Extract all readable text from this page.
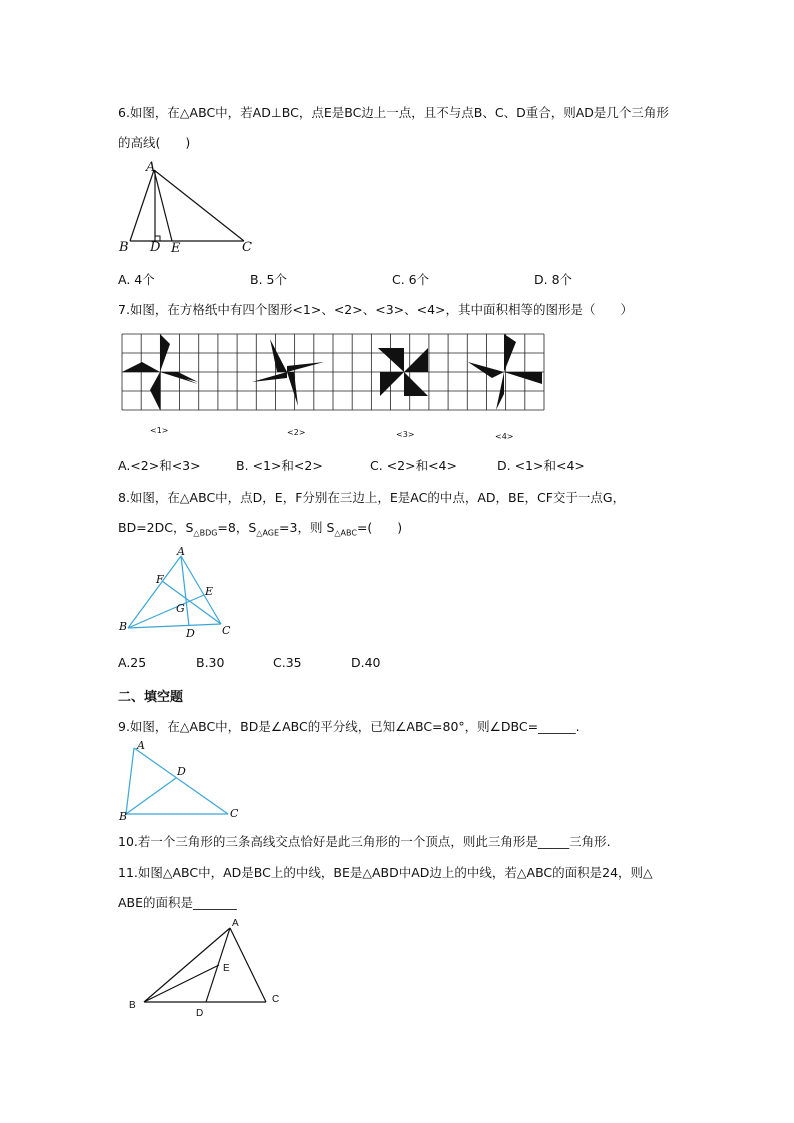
6.如图，在△ABC中，若AD⊥BC，点E是BC边上一点，且不与点B、C、D重合，则AD是几个三角形
的高线(　　)
A
B D E	C
A. 4个	B. 5个	C. 6个	D. 8个
7.如图，在方格纸中有四个图形<1>、<2>、<3>、<4>，其中面积相等的图形是（　　）
<1>	<2>	<3>	<4>
A.<2>和<3>	B. <1>和<2>	C. <2>和<4>	D. <1>和<4>
8.如图，在△ABC中，点D，E，F分别在三边上，E是AC的中点，AD，BE，CF交于一点G，
BD=2DC，$S_{\triangle BDG}=8$，$S_{\triangle AGE}=3$，则 $S_{\triangle ABC}=$(　　)
A
F
E
G
B
D C
A.25	B.30	C.35	D.40
二、填空题
9.如图，在△ABC中，BD是∠ABC的平分线，已知∠ABC=80°，则∠DBC=______.
A
D
B	C
10.若一个三角形的三条高线交点恰好是此三角形的一个顶点，则此三角形是_____三角形.
11.如图△ABC中，AD是BC上的中线，BE是△ABD中AD边上的中线，若△ABC的面积是24，则△
ABE的面积是_______
A
E
B
D
C
